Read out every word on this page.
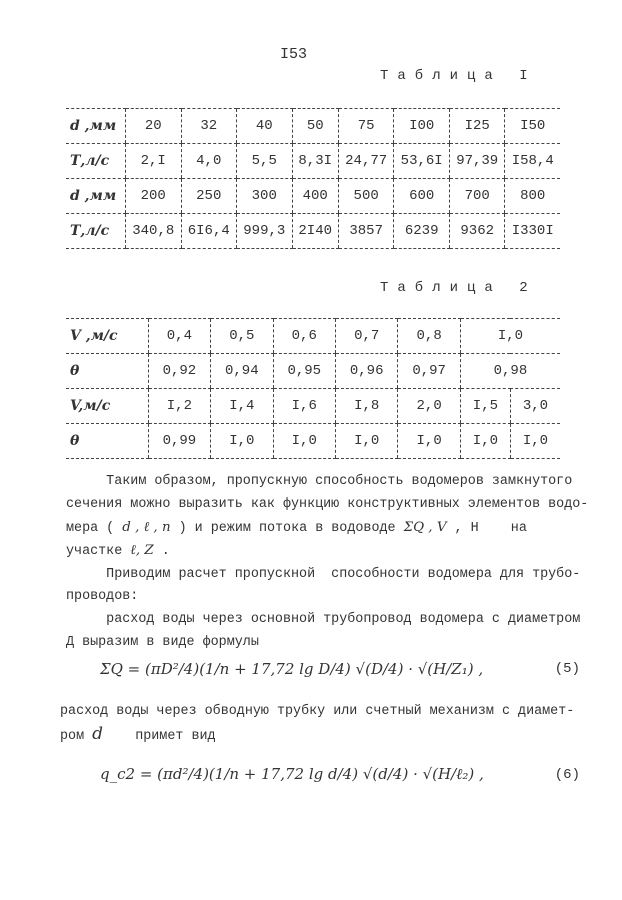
I53
Таблица I
d ,мм	20	32	40	50	75	I00	I25	I50
Т,л/с	2,I	4,0	5,5	8,3I	24,77	53,6I	97,39	I58,4
d ,мм	200	250	300	400	500	600	700	800
Т,л/с	340,8	6I6,4	999,3	2I40	3857	6239	9362	I330I
Таблица 2
V ,м/с	0,4	0,5	0,6	0,7	0,8	I,0	
θ	0,92	0,94	0,95	0,96	0,97	0,98	
V,м/с	I,2	I,4	I,6	I,8	2,0	I,5	3,0
θ	0,99	I,0	I,0	I,0	I,0	I,0	I,0
Таким образом, пропускную способность водомеров замкнутого
сечения можно выразить как функцию конструктивных элементов водо-
мера ( d , ℓ , n ) и режим потока в водоводе ΣQ , V , Н    на
участке ℓ, Z .
Приводим расчет пропускной  способности водомера для трубо-
проводов:
расход воды через основной трубопровод водомера с диаметром
Д выразим в виде формулы
ΣQ = (πD²/4)(1/n + 17,72 lg D/4) √(D/4) · √(H/Z₁) ,	(5)
расход воды через обводную трубку или счетный механизм с диамет-
ром d    примет вид
q_c2 = (πd²/4)(1/n + 17,72 lg d/4) √(d/4) · √(H/ℓ₂) ,	(6)
